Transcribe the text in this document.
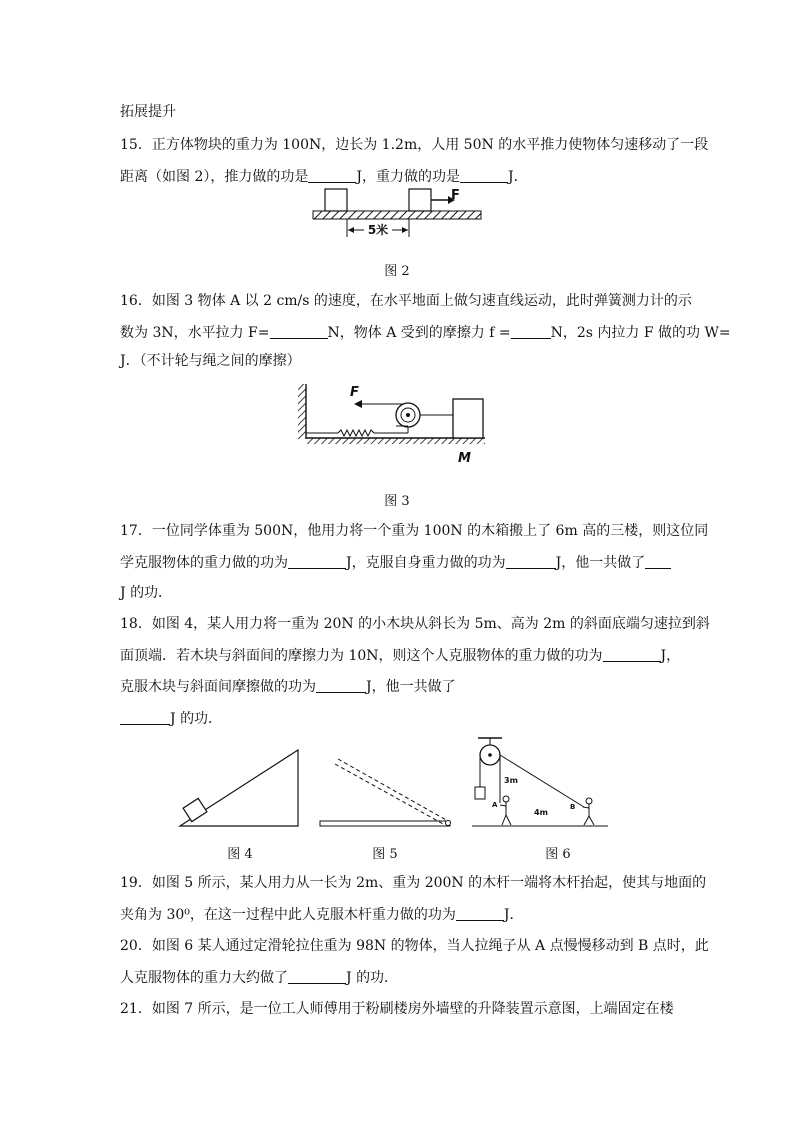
拓展提升
15．正方体物块的重力为 100N，边长为 1.2m，人用 50N 的水平推力使物体匀速移动了一段
距离（如图 2），推力做的功是	J，重力做的功是	J．
F
5米
图 2
16．如图 3 物体 A 以 2 cm/s 的速度，在水平地面上做匀速直线运动，此时弹簧测力计的示
数为 3N，水平拉力 F=	N，物体 A 受到的摩擦力 f =	N，2s 内拉力 F 做的功 W=
J．（不计轮与绳之间的摩擦）
F
M
图 3
17．一位同学体重为 500N，他用力将一个重为 100N 的木箱搬上了 6m 高的三楼，则这位同
学克服物体的重力做的功为	J，克服自身重力做的功为	J，他一共做了
J 的功．
18．如图 4，某人用力将一重为 20N 的小木块从斜长为 5m、高为 2m 的斜面底端匀速拉到斜
面顶端．若木块与斜面间的摩擦力为 10N，则这个人克服物体的重力做的功为	J，
克服木块与斜面间摩擦做的功为	J，他一共做了
J 的功．
图 4	图 5
3m
4m
A	B
图 6
19．如图 5 所示，某人用力从一长为 2m、重为 200N 的木杆一端将木杆抬起，使其与地面的
夹角为 30⁰，在这一过程中此人克服木杆重力做的功为	J．
20．如图 6 某人通过定滑轮拉住重为 98N 的物体，当人拉绳子从 A 点慢慢移动到 B 点时，此
人克服物体的重力大约做了	J 的功．
21．如图 7 所示，是一位工人师傅用于粉刷楼房外墙壁的升降装置示意图，上端固定在楼
